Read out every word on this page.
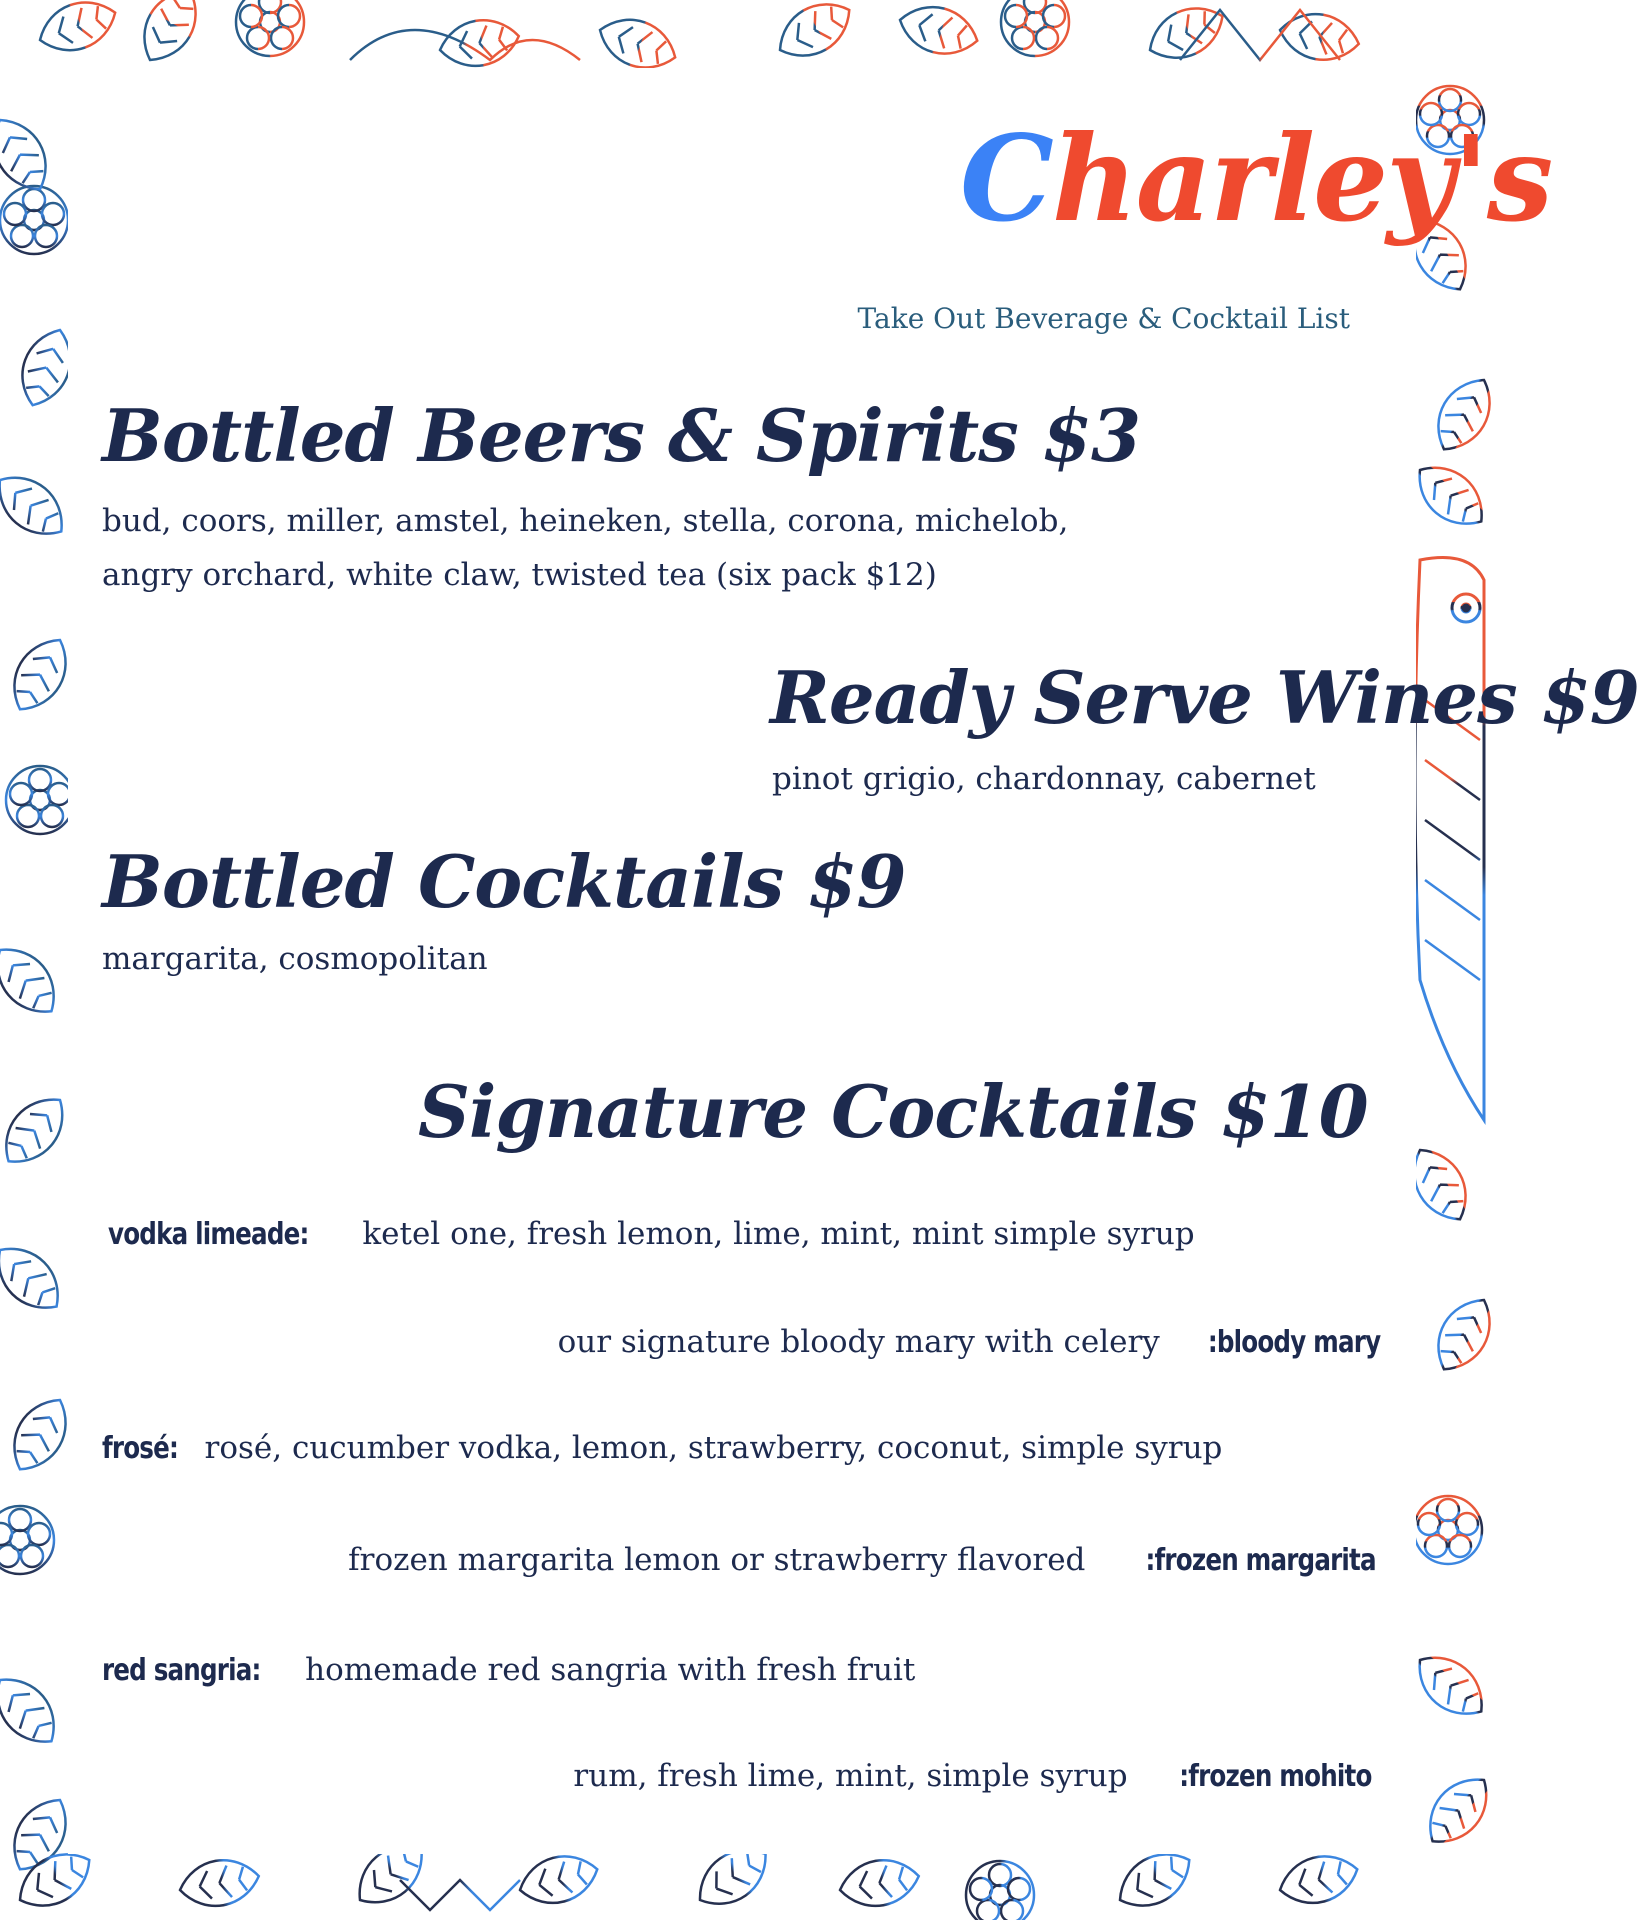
Charley's
Take Out Beverage & Cocktail List
Bottled Beers & Spirits $3
bud, coors, miller, amstel, heineken, stella, corona, michelob,
angry orchard, white claw, twisted tea (six pack $12)
Ready Serve Wines $9
pinot grigio, chardonnay, cabernet
Bottled Cocktails $9
margarita, cosmopolitan
Signature Cocktails $10
vodka limeade: ketel one, fresh lemon, lime, mint, mint simple syrup
our signature bloody mary with celery :bloody mary
frosé: rosé, cucumber vodka, lemon, strawberry, coconut, simple syrup
frozen margarita lemon or strawberry flavored :frozen margarita
red sangria: homemade red sangria with fresh fruit
rum, fresh lime, mint, simple syrup :frozen mohito
